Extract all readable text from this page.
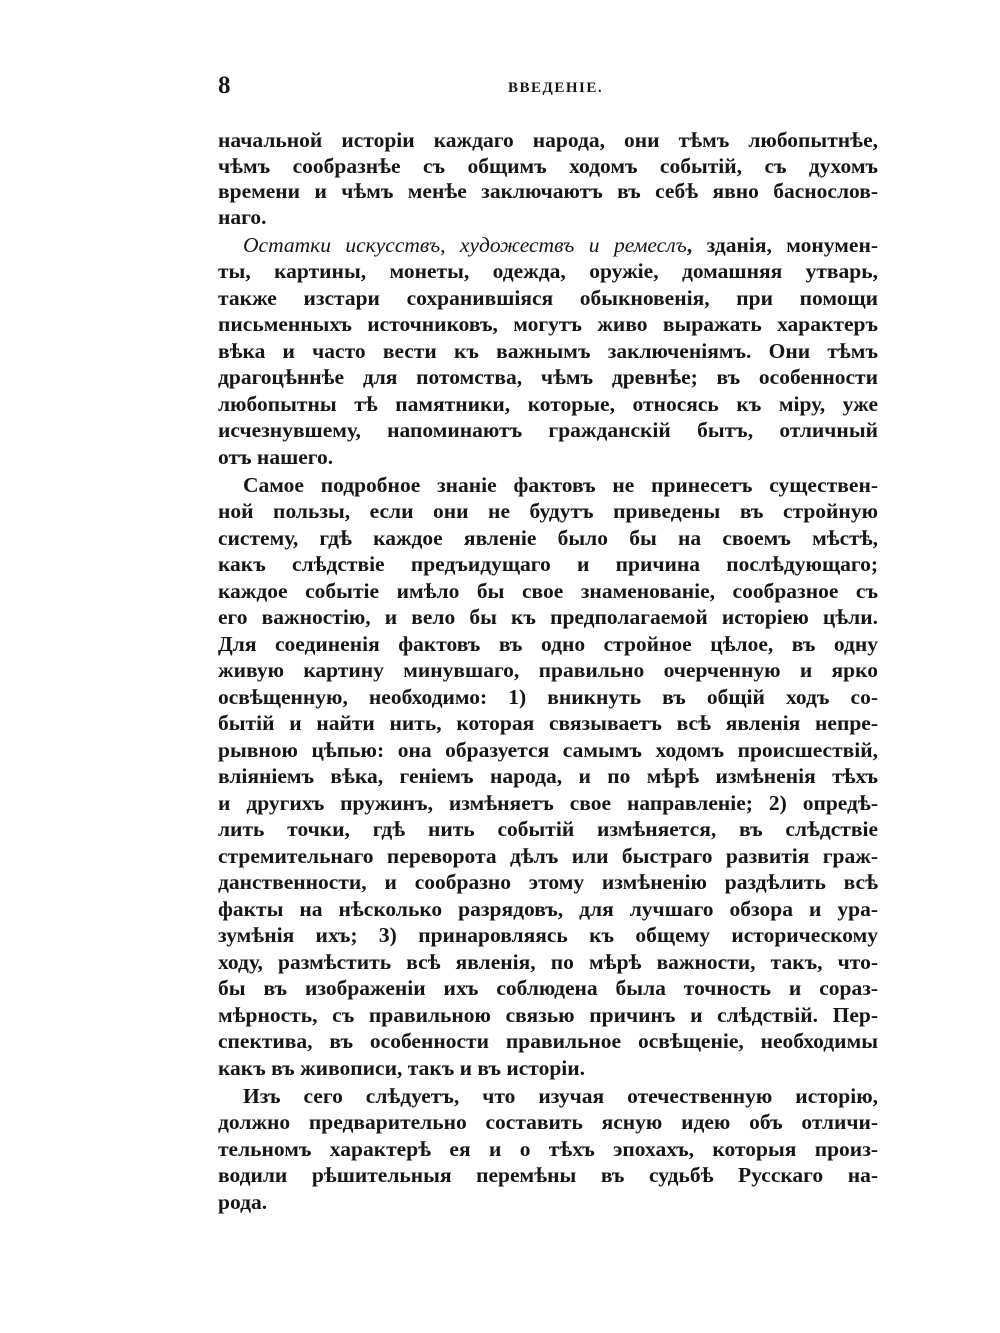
8	ВВЕДЕНІЕ.
начальной исторіи каждаго народа, они тѣмъ любопытнѣе,
чѣмъ сообразнѣе съ общимъ ходомъ событій, съ духомъ
времени и чѣмъ менѣе заключаютъ въ себѣ явно баснослов-
наго.
Остатки искусствъ, художествъ и ремеслъ, зданія, монумен-
ты, картины, монеты, одежда, оружіе, домашняя утварь,
также изстари сохранившіяся обыкновенія, при помощи
письменныхъ источниковъ, могутъ живо выражать характеръ
вѣка и часто вести къ важнымъ заключеніямъ. Они тѣмъ
драгоцѣннѣе для потомства, чѣмъ древнѣе; въ особенности
любопытны тѣ памятники, которые, относясь къ міру, уже
исчезнувшему, напоминаютъ гражданскій бытъ, отличный
отъ нашего.
Самое подробное знаніе фактовъ не принесетъ существен-
ной пользы, если они не будутъ приведены въ стройную
систему, гдѣ каждое явленіе было бы на своемъ мѣстѣ,
какъ слѣдствіе предъидущаго и причина послѣдующаго;
каждое событіе имѣло бы свое знаменованіе, сообразное съ
его важностію, и вело бы къ предполагаемой исторіею цѣли.
Для соединенія фактовъ въ одно стройное цѣлое, въ одну
живую картину минувшаго, правильно очерченную и ярко
освѣщенную, необходимо: 1) вникнуть въ общій ходъ со-
бытій и найти нить, которая связываетъ всѣ явленія непре-
рывною цѣпью: она образуется самымъ ходомъ происшествій,
вліяніемъ вѣка, геніемъ народа, и по мѣрѣ измѣненія тѣхъ
и другихъ пружинъ, измѣняетъ свое направленіе; 2) опредѣ-
лить точки, гдѣ нить событій измѣняется, въ слѣдствіе
стремительнаго переворота дѣлъ или быстраго развитія граж-
данственности, и сообразно этому измѣненію раздѣлить всѣ
факты на нѣсколько разрядовъ, для лучшаго обзора и ура-
зумѣнія ихъ; 3) принаровляясь къ общему историческому
ходу, размѣстить всѣ явленія, по мѣрѣ важности, такъ, что-
бы въ изображеніи ихъ соблюдена была точность и сораз-
мѣрность, съ правильною связью причинъ и слѣдствій. Пер-
спектива, въ особенности правильное освѣщеніе, необходимы
какъ въ живописи, такъ и въ исторіи.
Изъ сего слѣдуетъ, что изучая отечественную исторію,
должно предварительно составить ясную идею объ отличи-
тельномъ характерѣ ея и о тѣхъ эпохахъ, которыя произ-
водили рѣшительныя перемѣны въ судьбѣ Русскаго на-
рода.
